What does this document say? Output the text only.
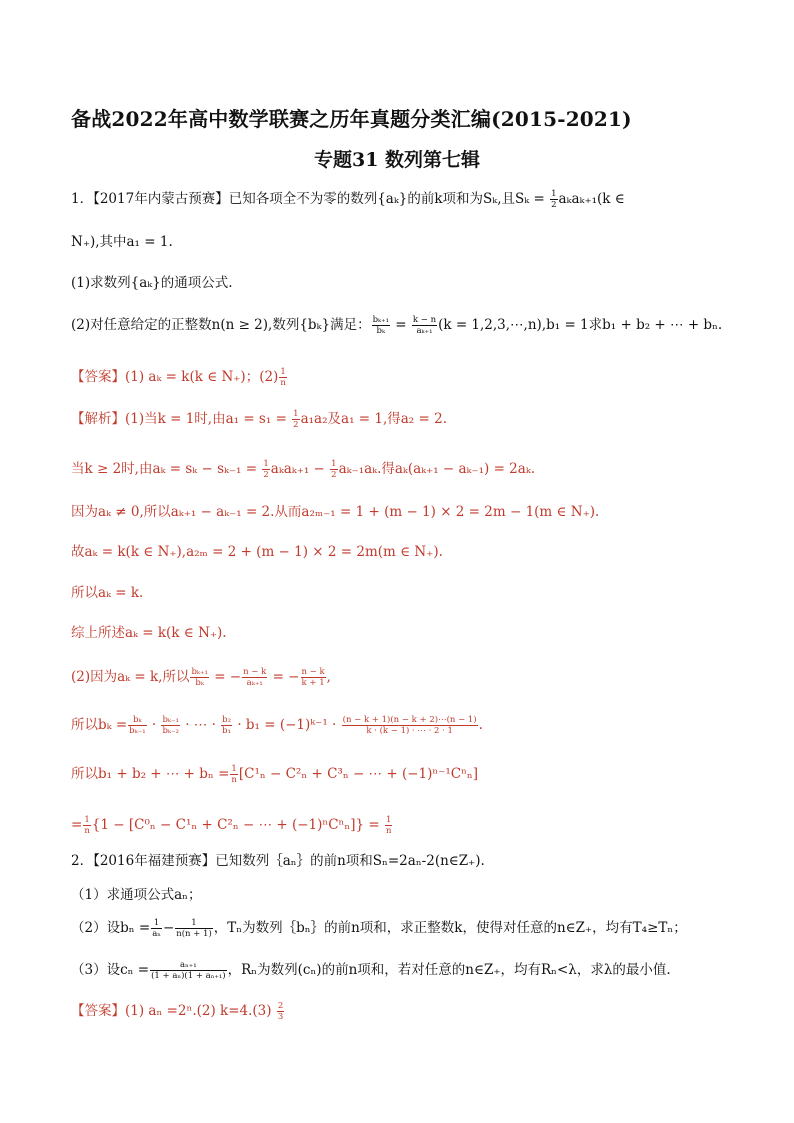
备战2022年高中数学联赛之历年真题分类汇编(2015-2021)
专题31 数列第七辑
1．【2017年内蒙古预赛】已知各项全不为零的数列{aₖ}的前k项和为Sₖ,且$S_k = \frac{1}{2} a_ka_{k+1}(k$ ∈
N₊),其中a₁ = 1.
(1)求数列{aₖ}的通项公式.
(2)对任意给定的正整数n(n ≥ 2),数列{bₖ}满足： $\frac{\text{bₖ₊₁}}{\text{bₖ}} = \frac{k - n}{\text{aₖ₊₁}} (k$ = 1,2,3,⋯,n),b₁ = 1求b₁ + b₂ + ⋯ + bₙ.
【答案】(1) aₖ = k(k ∈ N₊)；$(2) \frac{1}{n}$
【解析】(1)当k = 1时,由$a_1 = s_1 = \frac{1}{2} a_1a_2$及a₁ = 1,得a₂ = 2.
当k ≥ 2时,由$a_k = s_k - s_{k-1} = \frac{1}{2} a_ka_{k+1} - \frac{1}{2} a_{k-1}a_k$.得aₖ(aₖ₊₁ − aₖ₋₁) = 2aₖ.
因为aₖ ≠ 0,所以aₖ₊₁ − aₖ₋₁ = 2.从而a₂ₘ₋₁ = 1 + (m − 1) × 2 = 2m − 1(m ∈ N₊).
故aₖ = k(k ∈ N₊),a₂ₘ = 2 + (m − 1) × 2 = 2m(m ∈ N₊).
所以aₖ = k.
综上所述aₖ = k(k ∈ N₊).
(2)因为aₖ = k,所以 $\frac{\text{bₖ₊₁}}{\text{bₖ}}$ = − $\frac{n - k}{\text{aₖ₊₁}}$ = − $\frac{n - k}{k + 1}$ ,
所以$b_k = \frac{\text{bₖ}}{\text{bₖ₋₁}} \cdot \frac{\text{bₖ₋₁}}{\text{bₖ₋₂}}$ · ⋯ · $\frac{\text{b₂}}{\text{b₁}} \cdot b_1$ = (−1)ᵏ⁻¹ · $\frac{(n - k + 1)(n - k + 2)\cdots(n - 1)}{k \cdot (k - 1) \cdot \cdots \cdot 2 \cdot 1}$ .
所以b₁ + b₂ + ⋯ + $b_n = \frac{1}{n} [C^1_n - C^2_n + C^3_n$ − ⋯ + (−1)ⁿ⁻¹Cⁿₙ]
= $\frac{1}{n} \{1 - [C^0_n - C^1_n + C^2_n$ − ⋯ + $(-1)^nC^n_n]\} = \frac{1}{n}$
2．【2016年福建预赛】已知数列｛aₙ｝的前n项和Sₙ=2aₙ-2(n∈Z₊).
（1）求通项公式aₙ；
（2）设$b_n = \frac{1}{\text{aₙ}} - \frac{1}{n(n + 1)}$ ，Tₙ为数列｛bₙ｝的前n项和，求正整数k，使得对任意的n∈Z₊，均有T₄≥Tₙ；
（3）设$c_n = \frac{\text{aₙ₊₁}}{\text{(1 + aₙ)(1 + aₙ₊₁)}}$ ，Rₙ为数列(cₙ)的前n项和，若对任意的n∈Z₊，均有Rₙ<λ，求λ的最小值.
【答案】(1) aₙ =2ⁿ.(2) $k=4.(3) \frac{2}{3}$
